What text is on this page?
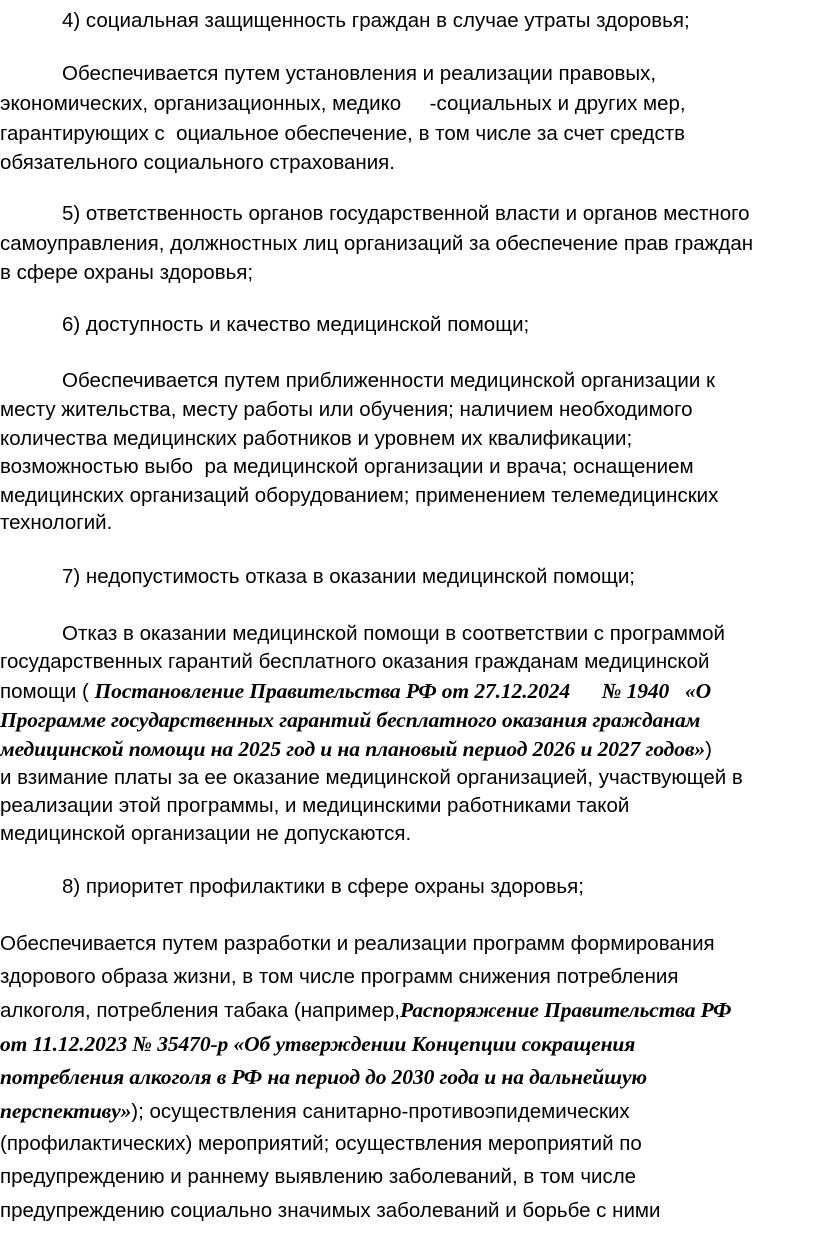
4) социальная защищенность граждан в случае утраты здоровья;
Обеспечивается путем установления и реализации правовых,
экономических, организационных, медико     -социальных и других мер,
гарантирующих с  оциальное обеспечение, в том числе за счет средств
обязательного социального страхования.
5) ответственность органов государственной власти и органов местного
самоуправления, должностных лиц организаций за обеспечение прав граждан
в сфере охраны здоровья;
6) доступность и качество медицинской помощи;
Обеспечивается путем приближенности медицинской организации к
месту жительства, месту работы или обучения; наличием необходимого
количества медицинских работников и уровнем их квалификации;
возможностью выбо  ра медицинской организации и врача; оснащением
медицинских организаций оборудованием; применением телемедицинских
технологий.
7) недопустимость отказа в оказании медицинской помощи;
Отказ в оказании медицинской помощи в соответствии с программой
государственных гарантий бесплатного оказания гражданам медицинской
помощи ( Постановление Правительства РФ от 27.12.2024      № 1940   «О
Программе государственных гарантий бесплатного оказания гражданам
медицинской помощи на 2025 год и на плановый период 2026 и 2027 годов»)
и взимание платы за ее оказание медицинской организацией, участвующей в
реализации этой программы, и медицинскими работниками такой
медицинской организации не допускаются.
8) приоритет профилактики в сфере охраны здоровья;
Обеспечивается путем разработки и реализации программ формирования
здорового образа жизни, в том числе программ снижения потребления
алкоголя, потребления табака (например,Распоряжение Правительства РФ
от 11.12.2023 № 35470-р «Об утверждении Концепции сокращения
потребления алкоголя в РФ на период до 2030 года и на дальнейшую
перспективу»); осуществления санитарно-противоэпидемических
(профилактических) мероприятий; осуществления мероприятий по
предупреждению и раннему выявлению заболеваний, в том числе
предупреждению социально значимых заболеваний и борьбе с ними
